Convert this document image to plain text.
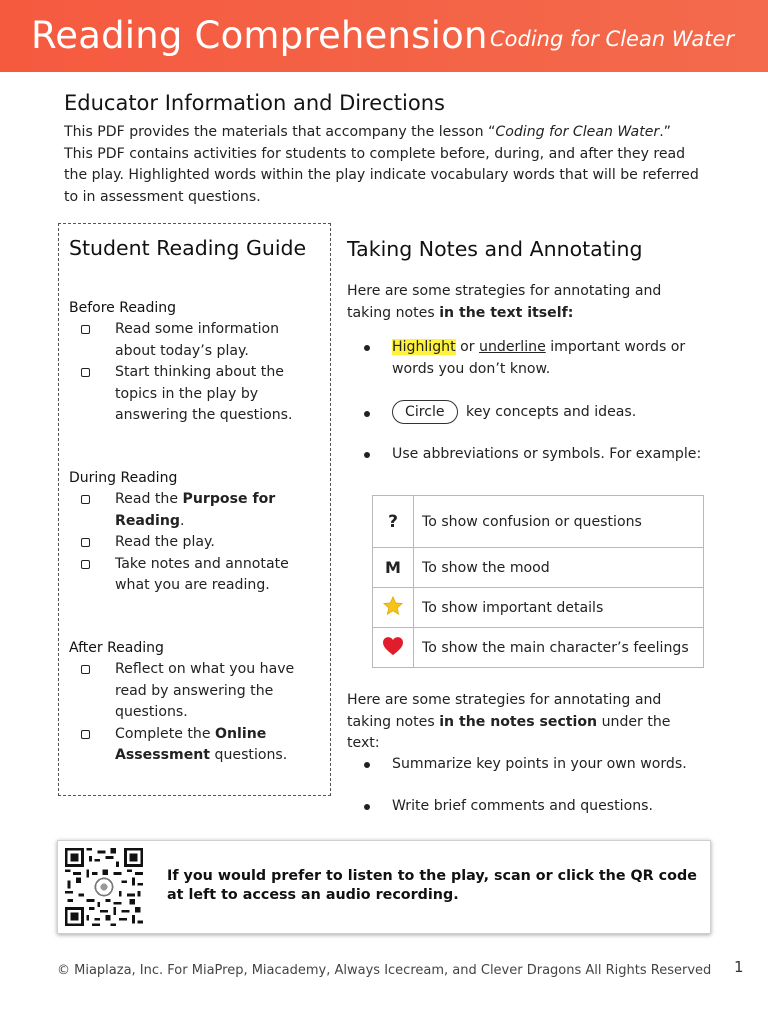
Reading Comprehension Coding for Clean Water
Educator Information and Directions
This PDF provides the materials that accompany the lesson “Coding for Clean Water.” This PDF contains activities for students to complete before, during, and after they read the play. Highlighted words within the play indicate vocabulary words that will be referred to in assessment questions.
Student Reading Guide
Before Reading
Read some information about today’s play.
Start thinking about the topics in the play by answering the questions.
During Reading
Read the Purpose for Reading.
Read the play.
Take notes and annotate what you are reading.
After Reading
Reflect on what you have read by answering the questions.
Complete the Online Assessment questions.
Taking Notes and Annotating
Here are some strategies for annotating and taking notes in the text itself:
Highlight or underline important words or words you don’t know.
Circle key concepts and ideas.
Use abbreviations or symbols. For example:
?	To show confusion or questions
M	To show the mood
	To show important details
	To show the main character’s feelings
Here are some strategies for annotating and taking notes in the notes section under the text:
Summarize key points in your own words.
Write brief comments and questions.
If you would prefer to listen to the play, scan or click the QR code at left to access an audio recording.
© Miaplaza, Inc. For MiaPrep, Miacademy, Always Icecream, and Clever Dragons All Rights Reserved 1
